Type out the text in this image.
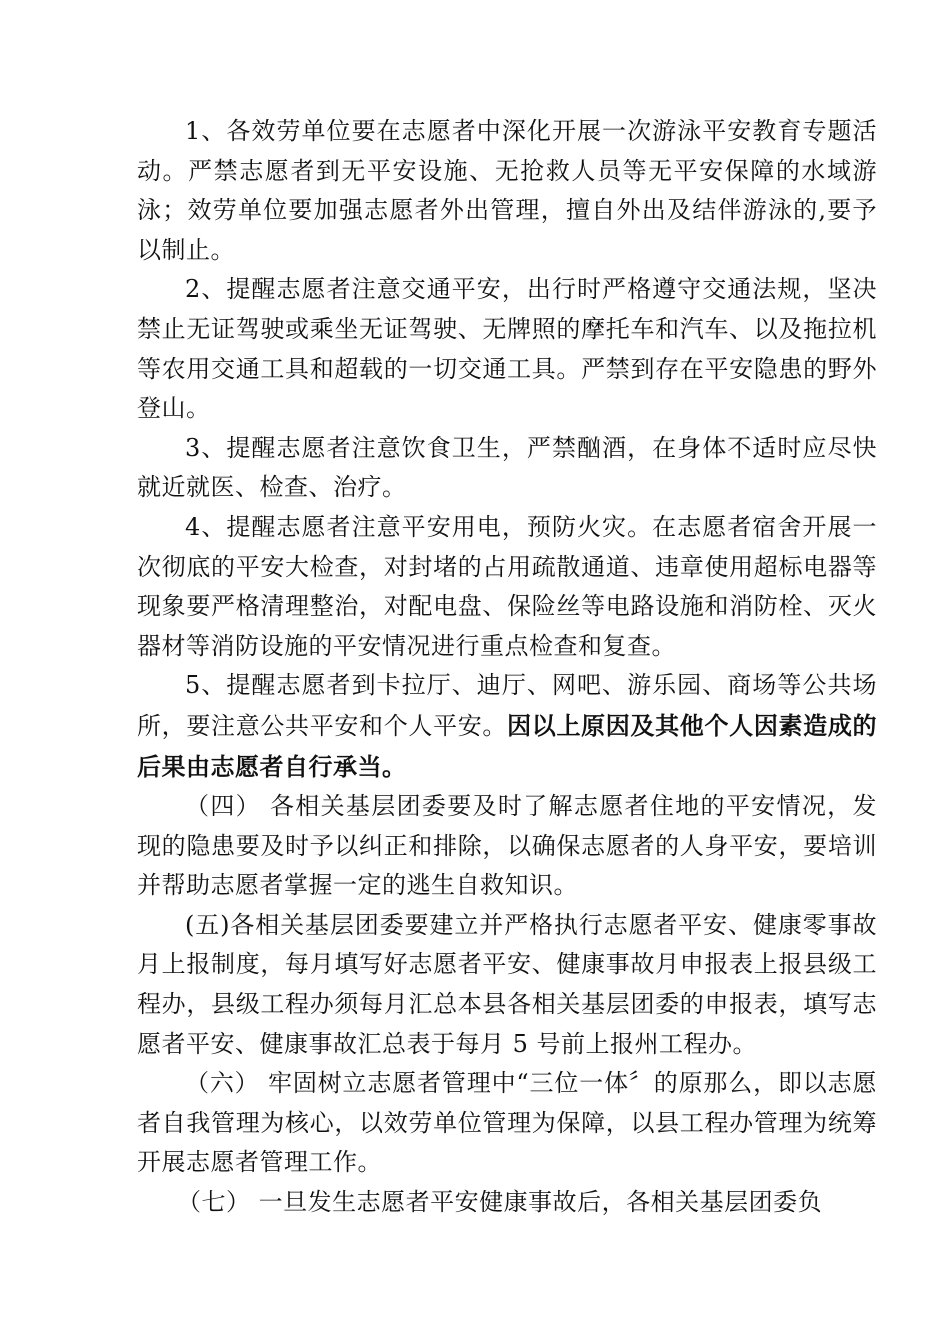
1、各效劳单位要在志愿者中深化开展一次游泳平安教育专题活动。严禁志愿者到无平安设施、无抢救人员等无平安保障的水域游泳；效劳单位要加强志愿者外出管理，擅自外出及结伴游泳的,要予以制止。

2、提醒志愿者注意交通平安，出行时严格遵守交通法规，坚决禁止无证驾驶或乘坐无证驾驶、无牌照的摩托车和汽车、以及拖拉机等农用交通工具和超载的一切交通工具。严禁到存在平安隐患的野外登山。

3、提醒志愿者注意饮食卫生，严禁酗酒，在身体不适时应尽快就近就医、检查、治疗。

4、提醒志愿者注意平安用电，预防火灾。在志愿者宿舍开展一次彻底的平安大检查，对封堵的占用疏散通道、违章使用超标电器等现象要严格清理整治，对配电盘、保险丝等电路设施和消防栓、灭火器材等消防设施的平安情况进行重点检查和复查。

5、提醒志愿者到卡拉厅、迪厅、网吧、游乐园、商场等公共场所，要注意公共平安和个人平安。因以上原因及其他个人因素造成的后果由志愿者自行承当。

（四） 各相关基层团委要及时了解志愿者住地的平安情况，发现的隐患要及时予以纠正和排除，以确保志愿者的人身平安，要培训并帮助志愿者掌握一定的逃生自救知识。

(五)各相关基层团委要建立并严格执行志愿者平安、健康零事故月上报制度，每月填写好志愿者平安、健康事故月申报表上报县级工程办，县级工程办须每月汇总本县各相关基层团委的申报表，填写志愿者平安、健康事故汇总表于每月 5 号前上报州工程办。

（六） 牢固树立志愿者管理中“三位一体〞的原那么，即以志愿者自我管理为核心，以效劳单位管理为保障，以县工程办管理为统筹开展志愿者管理工作。

（七） 一旦发生志愿者平安健康事故后，各相关基层团委负
